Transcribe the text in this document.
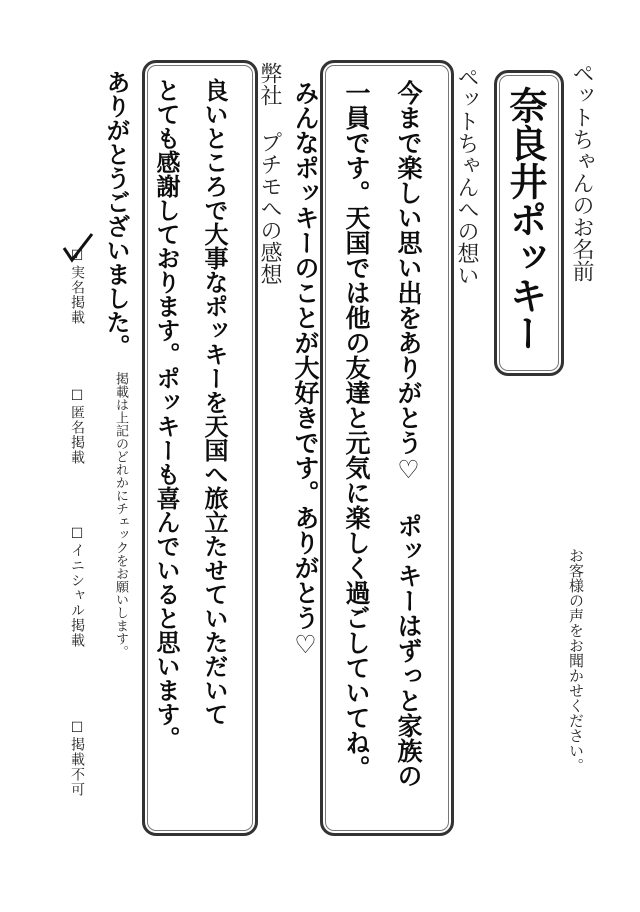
お客様の声をお聞かせください。
ペットちゃんのお名前
奈良井ポッキー
ペットちゃんへの想い
今まで楽しい思い出をありがとう♡ ポッキーはずっと家族の
一員です。天国では他の友達と元気に楽しく過ごしていてね。
みんなポッキーのことが大好きです。ありがとう♡
弊社 プチモへの感想
良いところで大事なポッキーを天国へ旅立たせていただいて
とても感謝しております。ポッキーも喜んでいると思います。
ありがとうございました。
☑実名掲載
☐匿名掲載
☐イニシャル掲載
☐掲載不可
掲載は上記のどれかにチェックをお願いします。
